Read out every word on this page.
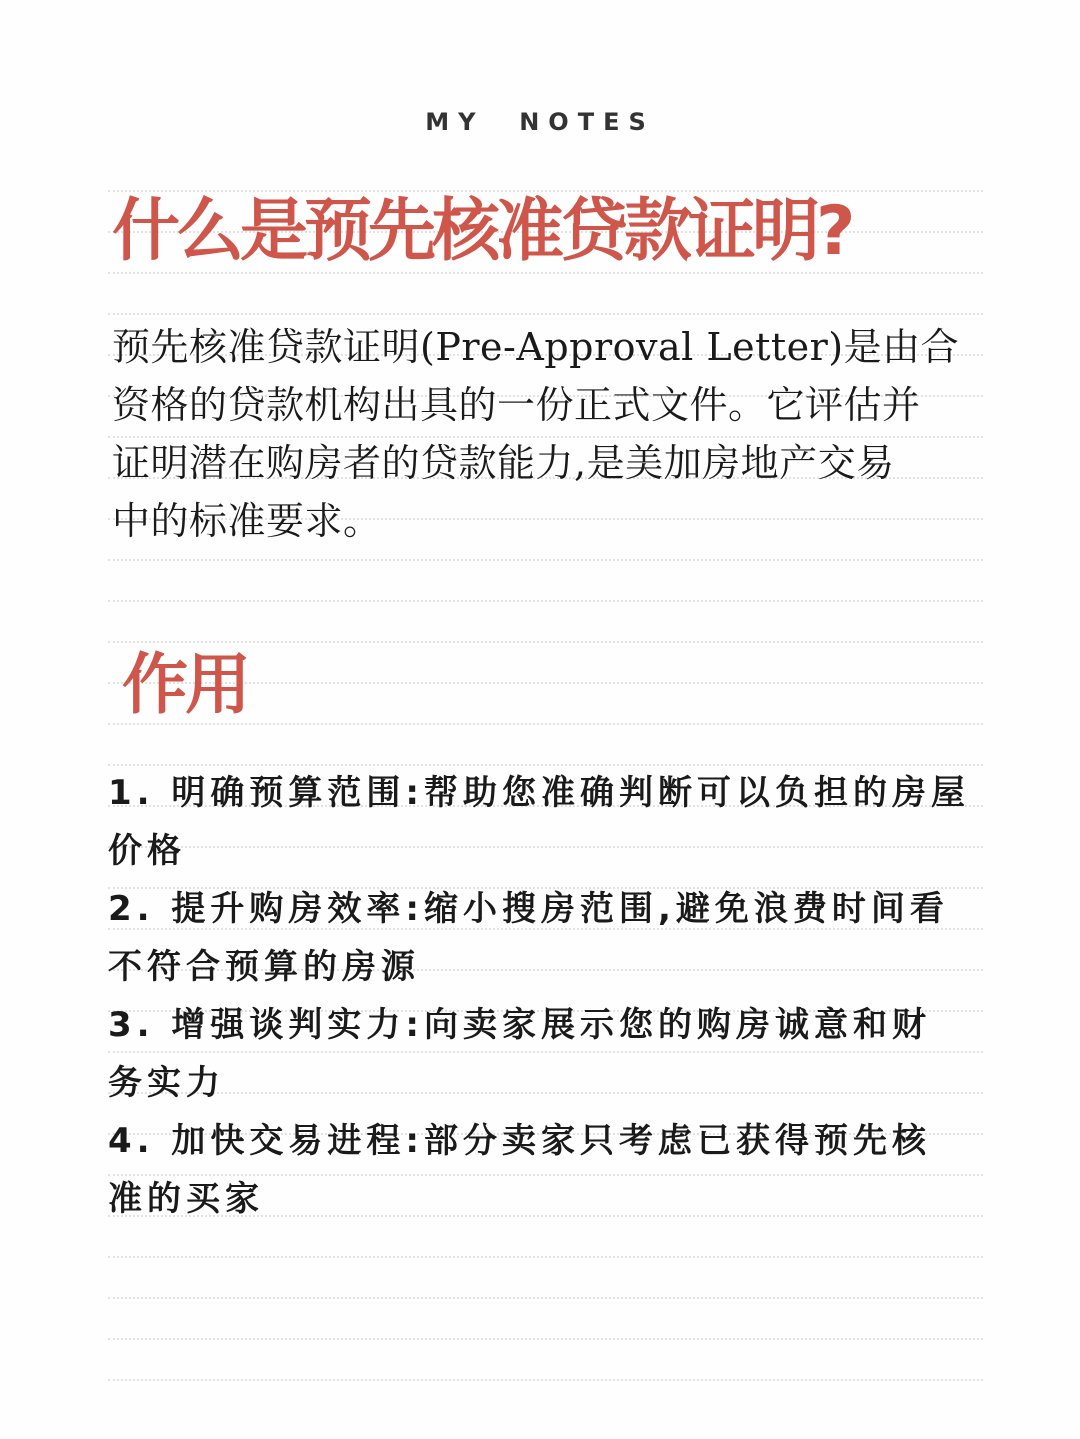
MY  NOTES
什么是预先核准贷款证明?
预先核准贷款证明(Pre-Approval Letter)是由合
资格的贷款机构出具的一份正式文件。它评估并
证明潜在购房者的贷款能力,是美加房地产交易
中的标准要求。
作用
1. 明确预算范围:帮助您准确判断可以负担的房屋
价格
2. 提升购房效率:缩小搜房范围,避免浪费时间看
不符合预算的房源
3. 增强谈判实力:向卖家展示您的购房诚意和财
务实力
4. 加快交易进程:部分卖家只考虑已获得预先核
准的买家
